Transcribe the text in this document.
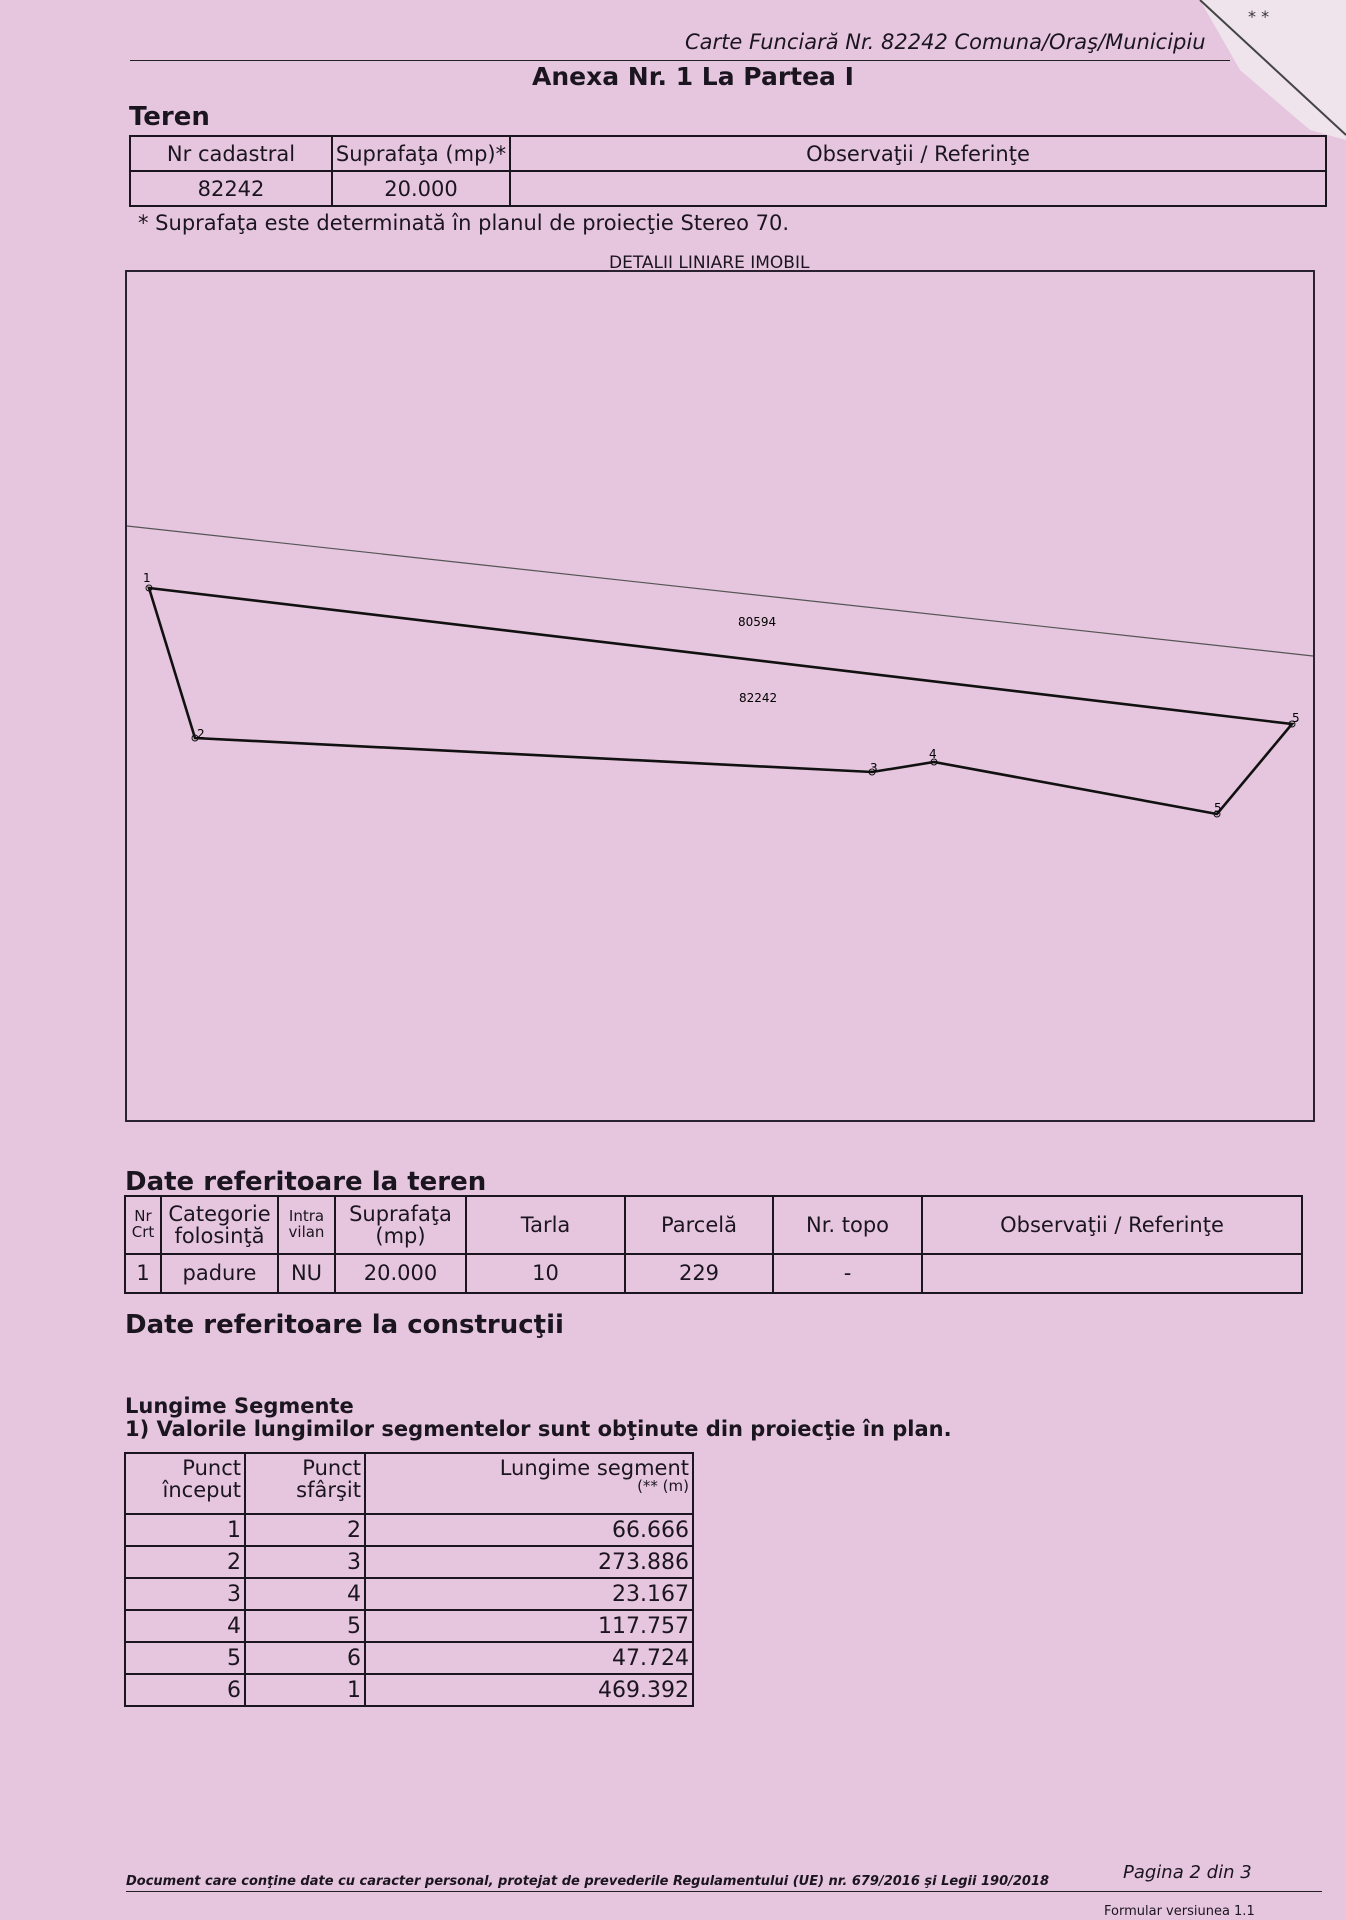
* *
Carte Funciară Nr. 82242 Comuna/Oraş/Municipiu
Anexa Nr. 1 La Partea I
Teren
Nr cadastral	Suprafaţa (mp)*	Observaţii / Referinţe
82242	20.000	
* Suprafaţa este determinată în planul de proiecţie Stereo 70.
DETALII LINIARE IMOBIL
1
2
3
4
5
5
82242
80594
Date referitoare la teren
Nr Crt	Categorie folosinţă	Intra vilan	Suprafaţa (mp)	Tarla	Parcelă	Nr. topo	Observaţii / Referinţe
1	padure	NU	20.000	10	229	-	
Date referitoare la construcţii
Lungime Segmente
1) Valorile lungimilor segmentelor sunt obţinute din proiecţie în plan.
Punct început	Punct sfârşit	Lungime segment
(** (m)

1	2	66.666
2	3	273.886
3	4	23.167
4	5	117.757
5	6	47.724
6	1	469.392
Document care conţine date cu caracter personal, protejat de prevederile Regulamentului (UE) nr. 679/2016 şi Legii 190/2018	Pagina 2 din 3
Formular versiunea 1.1
